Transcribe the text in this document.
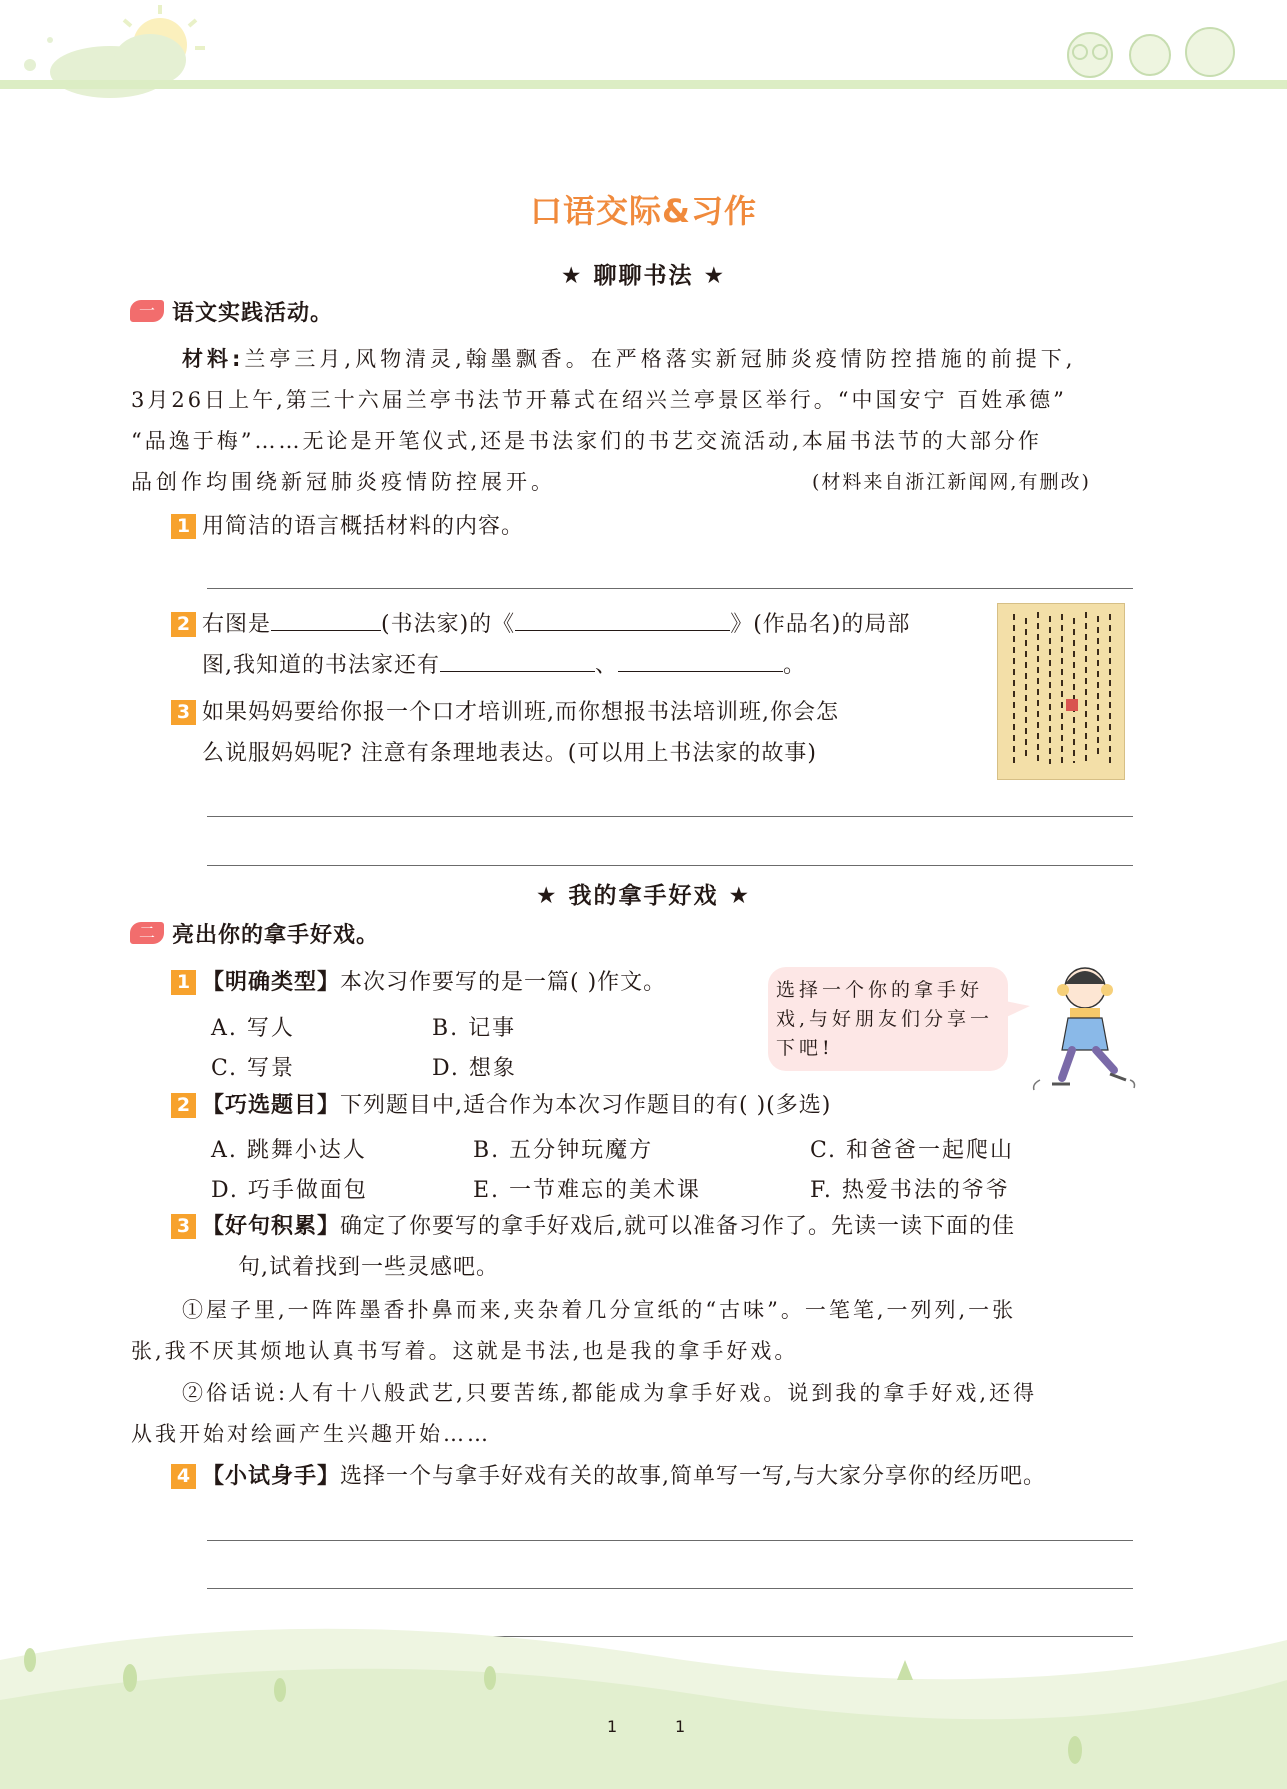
口语交际&习作
★ 聊聊书法 ★
一 语文实践活动。
材料:兰亭三月,风物清灵,翰墨飘香。在严格落实新冠肺炎疫情防控措施的前提下,
3月26日上午,第三十六届兰亭书法节开幕式在绍兴兰亭景区举行。“中国安宁 百姓承德”
“品逸于梅”……无论是开笔仪式,还是书法家们的书艺交流活动,本届书法节的大部分作
品创作均围绕新冠肺炎疫情防控展开。	(材料来自浙江新闻网,有删改)
1 用简洁的语言概括材料的内容。
2 右图是	(书法家)的《	》(作品名)的局部
图,我知道的书法家还有	、	。
3 如果妈妈要给你报一个口才培训班,而你想报书法培训班,你会怎
么说服妈妈呢? 注意有条理地表达。(可以用上书法家的故事)
★ 我的拿手好戏 ★
二 亮出你的拿手好戏。
1 【明确类型】本次习作要写的是一篇( )作文。
A. 写人	B. 记事
C. 写景	D. 想象
选择一个你的拿手好戏,与好朋友们分享一下吧!
2 【巧选题目】下列题目中,适合作为本次习作题目的有( )(多选)
A. 跳舞小达人	B. 五分钟玩魔方	C. 和爸爸一起爬山
D. 巧手做面包	E. 一节难忘的美术课	F. 热爱书法的爷爷
3 【好句积累】确定了你要写的拿手好戏后,就可以准备习作了。先读一读下面的佳
句,试着找到一些灵感吧。
①屋子里,一阵阵墨香扑鼻而来,夹杂着几分宣纸的“古味”。一笔笔,一列列,一张
张,我不厌其烦地认真书写着。这就是书法,也是我的拿手好戏。
②俗话说:人有十八般武艺,只要苦练,都能成为拿手好戏。说到我的拿手好戏,还得
从我开始对绘画产生兴趣开始……
4 【小试身手】选择一个与拿手好戏有关的故事,简单写一写,与大家分享你的经历吧。
1	1
